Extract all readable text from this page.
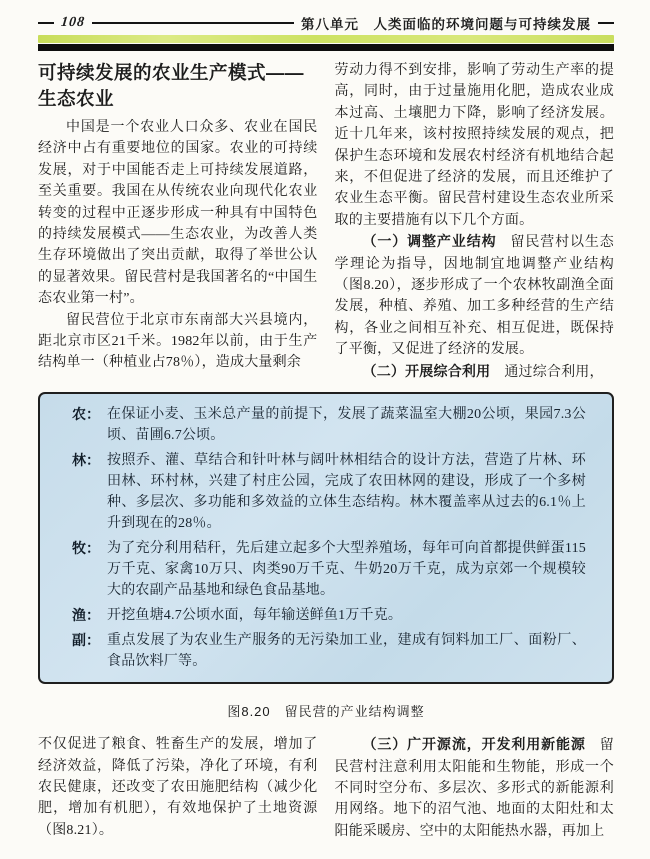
108	第八单元　人类面临的环境问题与可持续发展
可持续发展的农业生产模式——生态农业

中国是一个农业人口众多、农业在国民经济中占有重要地位的国家。农业的可持续发展，对于中国能否走上可持续发展道路，至关重要。我国在从传统农业向现代化农业转变的过程中正逐步形成一种具有中国特色的持续发展模式——生态农业，为改善人类生存环境做出了突出贡献，取得了举世公认的显著效果。留民营村是我国著名的“中国生态农业第一村”。

留民营位于北京市东南部大兴县境内，距北京市区21千米。1982年以前，由于生产结构单一（种植业占78％），造成大量剩余

劳动力得不到安排，影响了劳动生产率的提高，同时，由于过量施用化肥，造成农业成本过高、土壤肥力下降，影响了经济发展。近十几年来，该村按照持续发展的观点，把保护生态环境和发展农村经济有机地结合起来，不但促进了经济的发展，而且还维护了农业生态平衡。留民营村建设生态农业所采取的主要措施有以下几个方面。

（一）调整产业结构 留民营村以生态学理论为指导，因地制宜地调整产业结构（图8.20），逐步形成了一个农林牧副渔全面发展，种植、养殖、加工多种经营的生产结构，各业之间相互补充、相互促进，既保持了平衡，又促进了经济的发展。

（二）开展综合利用 通过综合利用，

农： 在保证小麦、玉米总产量的前提下，发展了蔬菜温室大棚20公顷，果园7.3公顷、苗圃6.7公顷。
林： 按照乔、灌、草结合和针叶林与阔叶林相结合的设计方法，营造了片林、环田林、环村林，兴建了村庄公园，完成了农田林网的建设，形成了一个多树种、多层次、多功能和多效益的立体生态结构。林木覆盖率从过去的6.1％上升到现在的28％。
牧： 为了充分利用秸秆，先后建立起多个大型养殖场，每年可向首都提供鲜蛋115万千克、家禽10万只、肉类90万千克、牛奶20万千克，成为京郊一个规模较大的农副产品基地和绿色食品基地。
渔： 开挖鱼塘4.7公顷水面，每年输送鲜鱼1万千克。
副： 重点发展了为农业生产服务的无污染加工业，建成有饲料加工厂、面粉厂、食品饮料厂等。
图8.20　留民营的产业结构调整

不仅促进了粮食、牲畜生产的发展，增加了经济效益，降低了污染，净化了环境，有利农民健康，还改变了农田施肥结构（减少化肥，增加有机肥），有效地保护了土地资源（图8.21）。

（三）广开源流，开发利用新能源 留民营村注意利用太阳能和生物能，形成一个不同时空分布、多层次、多形式的新能源利用网络。地下的沼气池、地面的太阳灶和太阳能采暖房、空中的太阳能热水器，再加上
